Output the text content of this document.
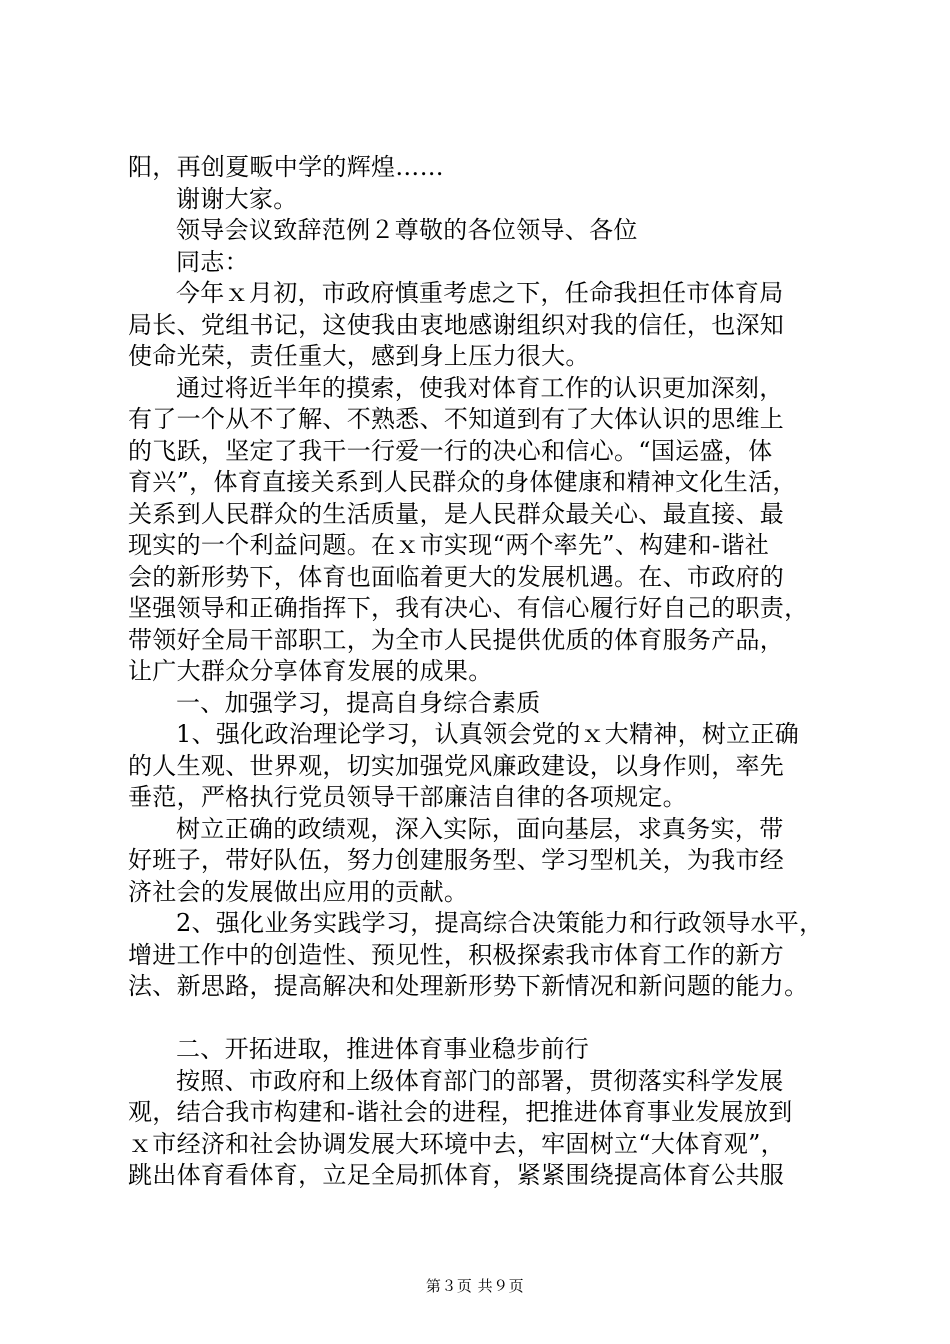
阳，再创夏畈中学的辉煌……
谢谢大家。
领导会议致辞范例２尊敬的各位领导、各位
同志：
今年ｘ月初，市政府慎重考虑之下，任命我担任市体育局
局长、党组书记，这使我由衷地感谢组织对我的信任，也深知
使命光荣，责任重大，感到身上压力很大。
通过将近半年的摸索，使我对体育工作的认识更加深刻，
有了一个从不了解、不熟悉、不知道到有了大体认识的思维上
的飞跃，坚定了我干一行爱一行的决心和信心。“国运盛，体
育兴”，体育直接关系到人民群众的身体健康和精神文化生活，
关系到人民群众的生活质量，是人民群众最关心、最直接、最
现实的一个利益问题。在ｘ市实现“两个率先”、构建和-谐社
会的新形势下，体育也面临着更大的发展机遇。在、市政府的
坚强领导和正确指挥下，我有决心、有信心履行好自己的职责，
带领好全局干部职工，为全市人民提供优质的体育服务产品，
让广大群众分享体育发展的成果。
一、加强学习，提高自身综合素质
1、强化政治理论学习，认真领会党的ｘ大精神，树立正确
的人生观、世界观，切实加强党风廉政建设，以身作则，率先
垂范，严格执行党员领导干部廉洁自律的各项规定。
树立正确的政绩观，深入实际，面向基层，求真务实，带
好班子，带好队伍，努力创建服务型、学习型机关，为我市经
济社会的发展做出应用的贡献。
2、强化业务实践学习，提高综合决策能力和行政领导水平，
增进工作中的创造性、预见性，积极探索我市体育工作的新方
法、新思路，提高解决和处理新形势下新情况和新问题的能力。
二、开拓进取，推进体育事业稳步前行
按照、市政府和上级体育部门的部署，贯彻落实科学发展
观，结合我市构建和-谐社会的进程，把推进体育事业发展放到
ｘ市经济和社会协调发展大环境中去，牢固树立“大体育观”，
跳出体育看体育，立足全局抓体育，紧紧围绕提高体育公共服
第３页 共９页
